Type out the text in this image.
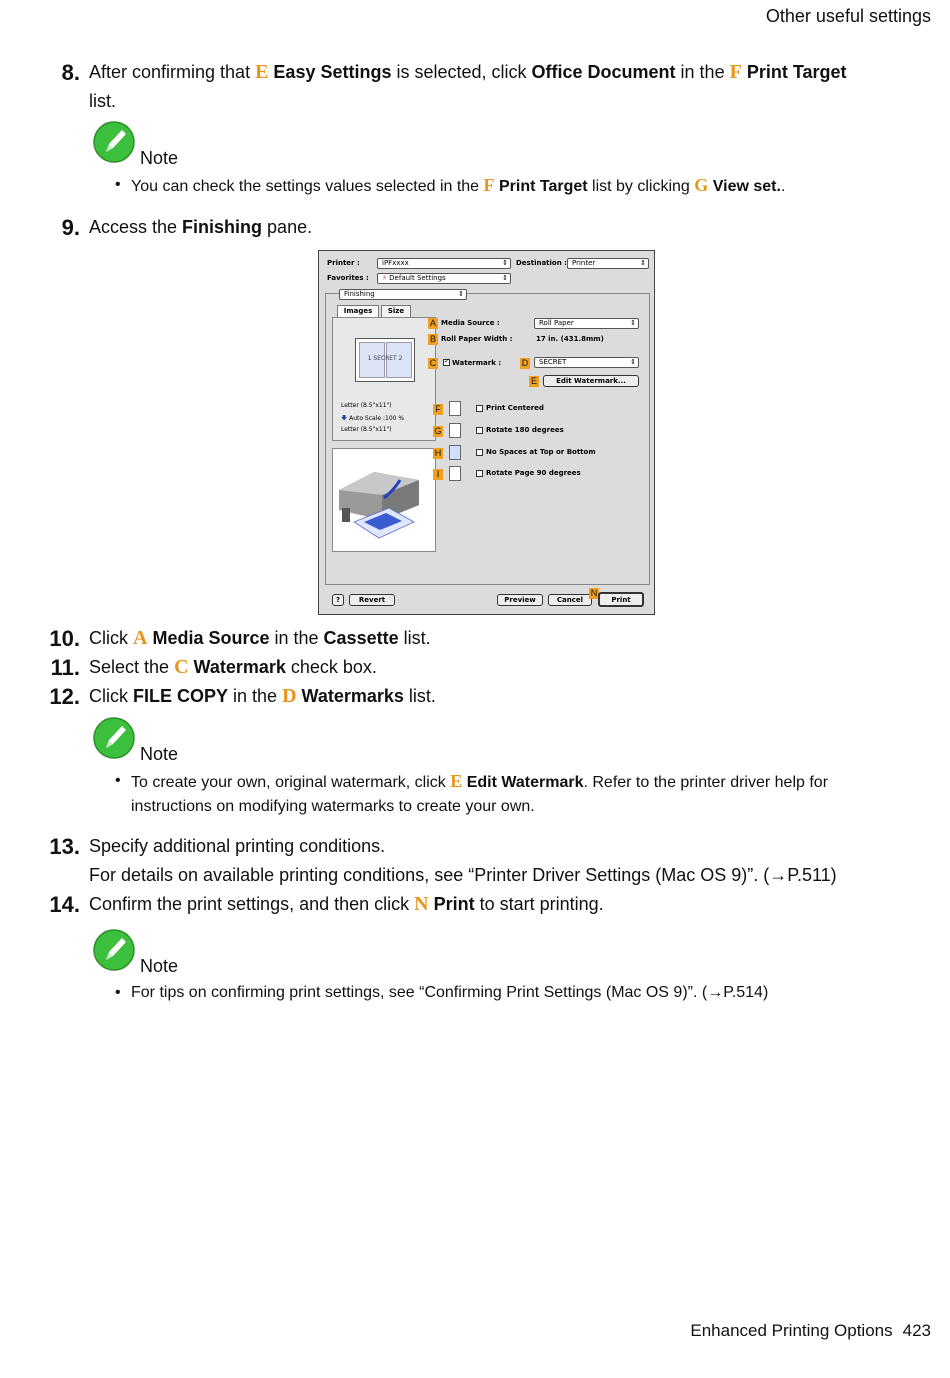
Other useful settings
8. After confirming that E Easy Settings is selected, click Office Document in the F Print Target
list.
Note
• You can check the settings values selected in the F Print Target list by clicking G View set..
9. Access the Finishing pane.
Printer :	iPFxxxx	⇕ Destination : Printer	⇕
Favorites :	⚡ Default Settings	⇕
Finishing	⇕
Images	Size
1 SECRET 2
Letter (8.5"x11")
🡇 Auto Scale :100 %
Letter (8.5"x11")
A Media Source :	Roll Paper	⇕
B Roll Paper Width :	17 in. (431.8mm)
C ✓ Watermark : D	SECRET	⇕
E	Edit Watermark...
F	Print Centered
G	Rotate 180 degrees
H	No Spaces at Top or Bottom
I	Rotate Page 90 degrees
?	Revert	Preview	Cancel
N
Print
10. Click A Media Source in the Cassette list.
11. Select the C Watermark check box.
12. Click FILE COPY in the D Watermarks list.
Note
• To create your own, original watermark, click E Edit Watermark. Refer to the printer driver help for instructions on modifying watermarks to create your own.
13. Specify additional printing conditions.
For details on available printing conditions, see “Printer Driver Settings (Mac OS 9)”. (→P.511)
14. Confirm the print settings, and then click N Print to start printing.
Note
• For tips on confirming print settings, see “Confirming Print Settings (Mac OS 9)”. (→P.514)
Enhanced Printing Options 423
